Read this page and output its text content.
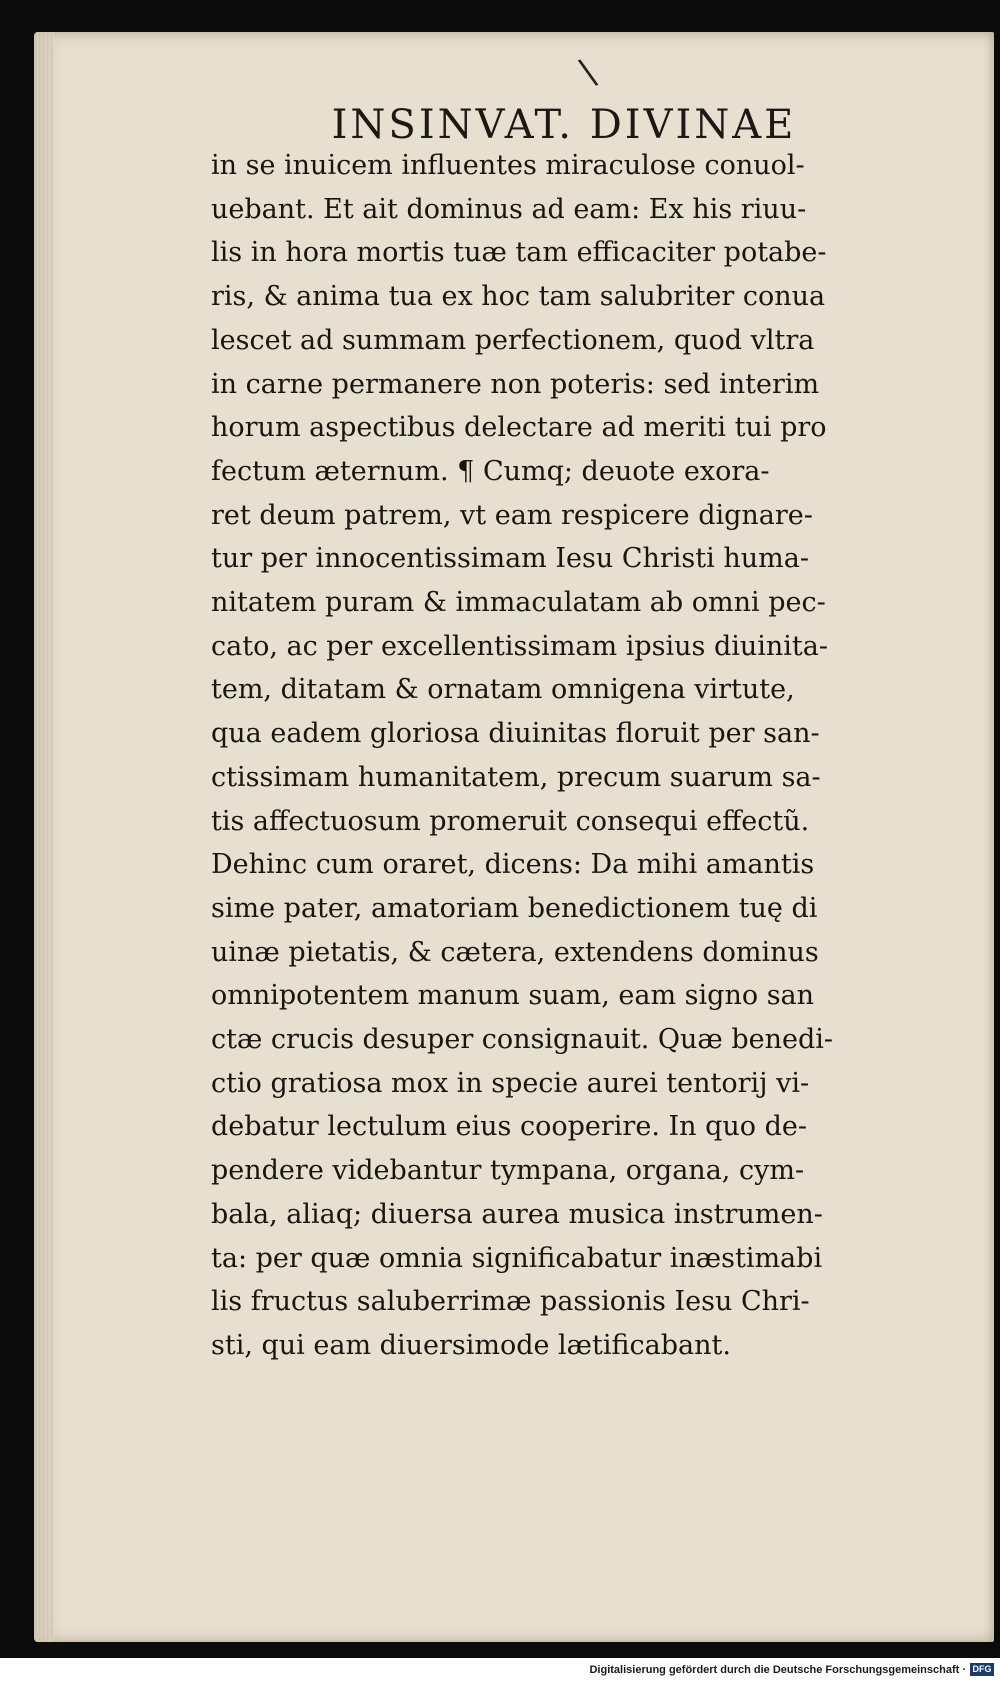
\
INSINVAT. DIVINAE
in se inuicem influentes miraculose conuol-
uebant. Et ait dominus ad eam: Ex his riuu-
lis in hora mortis tuæ tam efficaciter potabe-
ris, & anima tua ex hoc tam salubriter conua
lescet ad summam perfectionem, quod vltra
in carne permanere non poteris: sed interim
horum aspectibus delectare ad meriti tui pro
fectum æternum. ¶ Cumq; deuote exora-
ret deum patrem, vt eam respicere dignare-
tur per innocentissimam Iesu Christi huma-
nitatem puram & immaculatam ab omni pec-
cato, ac per excellentissimam ipsius diuinita-
tem, ditatam & ornatam omnigena virtute,
qua eadem gloriosa diuinitas floruit per san-
ctissimam humanitatem, precum suarum sa-
tis affectuosum promeruit consequi effectũ.
Dehinc cum oraret, dicens: Da mihi amantis
sime pater, amatoriam benedictionem tuę di
uinæ pietatis, & cætera, extendens dominus
omnipotentem manum suam, eam signo san
ctæ crucis desuper consignauit. Quæ benedi-
ctio gratiosa mox in specie aurei tentorij vi-
debatur lectulum eius cooperire. In quo de-
pendere videbantur tympana, organa, cym-
bala, aliaq; diuersa aurea musica instrumen-
ta: per quæ omnia significabatur inæstimabi
lis fructus saluberrimæ passionis Iesu Chri-
sti, qui eam diuersimode lætificabant.
Digitalisierung gefördert durch die Deutsche Forschungsgemeinschaft · DFG
